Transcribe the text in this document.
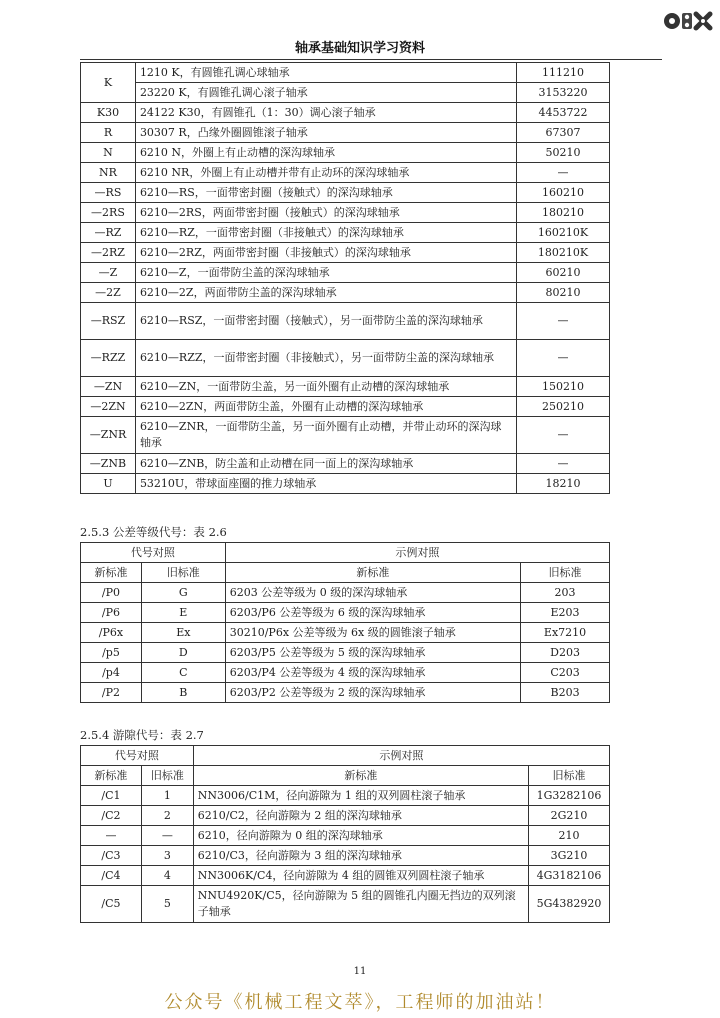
轴承基础知识学习资料
K	1210 K，有圆锥孔调心球轴承	111210
	23220 K，有圆锥孔调心滚子轴承	3153220
K30	24122 K30，有圆锥孔（1：30）调心滚子轴承	4453722
R	30307 R，凸缘外圈圆锥滚子轴承	67307
N	6210 N，外圈上有止动槽的深沟球轴承	50210
NR	6210 NR，外圈上有止动槽并带有止动环的深沟球轴承	—
—RS	6210—RS，一面带密封圈（接触式）的深沟球轴承	160210
—2RS	6210—2RS，两面带密封圈（接触式）的深沟球轴承	180210
—RZ	6210—RZ，一面带密封圈（非接触式）的深沟球轴承	160210K
—2RZ	6210—2RZ，两面带密封圈（非接触式）的深沟球轴承	180210K
—Z	6210—Z，一面带防尘盖的深沟球轴承	60210
—2Z	6210—2Z，两面带防尘盖的深沟球轴承	80210
—RSZ	6210—RSZ，一面带密封圈（接触式），另一面带防尘盖的深沟球轴承	—
—RZZ	6210—RZZ，一面带密封圈（非接触式），另一面带防尘盖的深沟球轴承	—
—ZN	6210—ZN，一面带防尘盖，另一面外圈有止动槽的深沟球轴承	150210
—2ZN	6210—2ZN，两面带防尘盖，外圈有止动槽的深沟球轴承	250210
—ZNR	6210—ZNR，一面带防尘盖，另一面外圈有止动槽，并带止动环的深沟球轴承	—
—ZNB	6210—ZNB，防尘盖和止动槽在同一面上的深沟球轴承	—
U	53210U，带球面座圈的推力球轴承	18210
2.5.3 公差等级代号：表 2.6
代号对照		示例对照	
新标准	旧标准	新标准	旧标准
/P0	G	6203 公差等级为 0 级的深沟球轴承	203
/P6	E	6203/P6 公差等级为 6 级的深沟球轴承	E203
/P6x	Ex	30210/P6x 公差等级为 6x 级的圆锥滚子轴承	Ex7210
/p5	D	6203/P5 公差等级为 5 级的深沟球轴承	D203
/p4	C	6203/P4 公差等级为 4 级的深沟球轴承	C203
/P2	B	6203/P2 公差等级为 2 级的深沟球轴承	B203
2.5.4 游隙代号：表 2.7
代号对照		示例对照	
新标准	旧标准	新标准	旧标准
/C1	1	NN3006/C1M，径向游隙为 1 组的双列圆柱滚子轴承	1G3282106
/C2	2	6210/C2，径向游隙为 2 组的深沟球轴承	2G210
—	—	6210，径向游隙为 0 组的深沟球轴承	210
/C3	3	6210/C3，径向游隙为 3 组的深沟球轴承	3G210
/C4	4	NN3006K/C4，径向游隙为 4 组的圆锥双列圆柱滚子轴承	4G3182106
/C5	5	NNU4920K/C5，径向游隙为 5 组的圆锥孔内圈无挡边的双列滚子轴承	5G4382920
11
公众号《机械工程文萃》，工程师的加油站！
